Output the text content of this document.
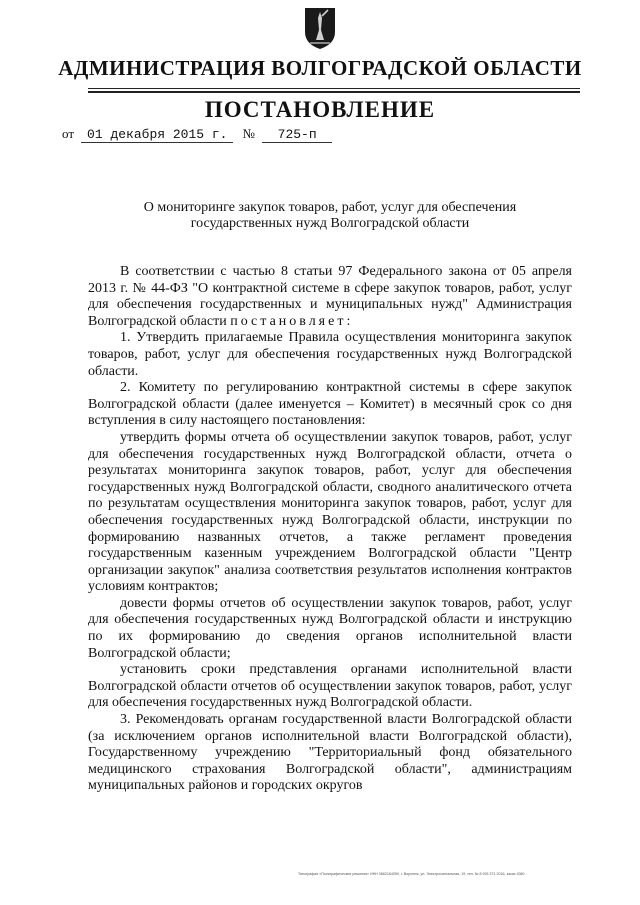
АДМИНИСТРАЦИЯ ВОЛГОГРАДСКОЙ ОБЛАСТИ
ПОСТАНОВЛЕНИЕ
от 01 декабря 2015 г. № 725-п
О мониторинге закупок товаров, работ, услуг для обеспечения
государственных нужд Волгоградской области

В соответствии с частью 8 статьи 97 Федерального закона от 05 апреля 2013 г. № 44-ФЗ "О контрактной системе в сфере закупок товаров, работ, услуг для обеспечения государственных и муниципальных нужд" Администрация Волгоградской области постановляет:

1. Утвердить прилагаемые Правила осуществления мониторинга закупок товаров, работ, услуг для обеспечения государственных нужд Волгоградской области.

2. Комитету по регулированию контрактной системы в сфере закупок Волгоградской области (далее именуется – Комитет) в месячный срок со дня вступления в силу настоящего постановления:

утвердить формы отчета об осуществлении закупок товаров, работ, услуг для обеспечения государственных нужд Волгоградской области, отчета о результатах мониторинга закупок товаров, работ, услуг для обеспечения государственных нужд Волгоградской области, сводного аналитического отчета по результатам осуществления мониторинга закупок товаров, работ, услуг для обеспечения государственных нужд Волгоградской области, инструкции по формированию названных отчетов, а также регламент проведения государственным казенным учреждением Волгоградской области "Центр организации закупок" анализа соответствия результатов исполнения контрактов условиям контрактов;

довести формы отчетов об осуществлении закупок товаров, работ, услуг для обеспечения государственных нужд Волгоградской области и инструкцию по их формированию до сведения органов исполнительной власти Волгоградской области;

установить сроки представления органами исполнительной власти Волгоградской области отчетов об осуществлении закупок товаров, работ, услуг для обеспечения государственных нужд Волгоградской области.

3. Рекомендовать органам государственной власти Волгоградской области (за исключением органов исполнительной власти Волгоградской области), Государственному учреждению "Территориальный фонд обязательного медицинского страхования Волгоградской области", администрациям муниципальных районов и городских округов

Типография «Полиграфические решения» ИНН 3662164059, г. Воронеж, ул. Электросигнальная, 19, тел. № 8 926 371 2016, заказ 1080
